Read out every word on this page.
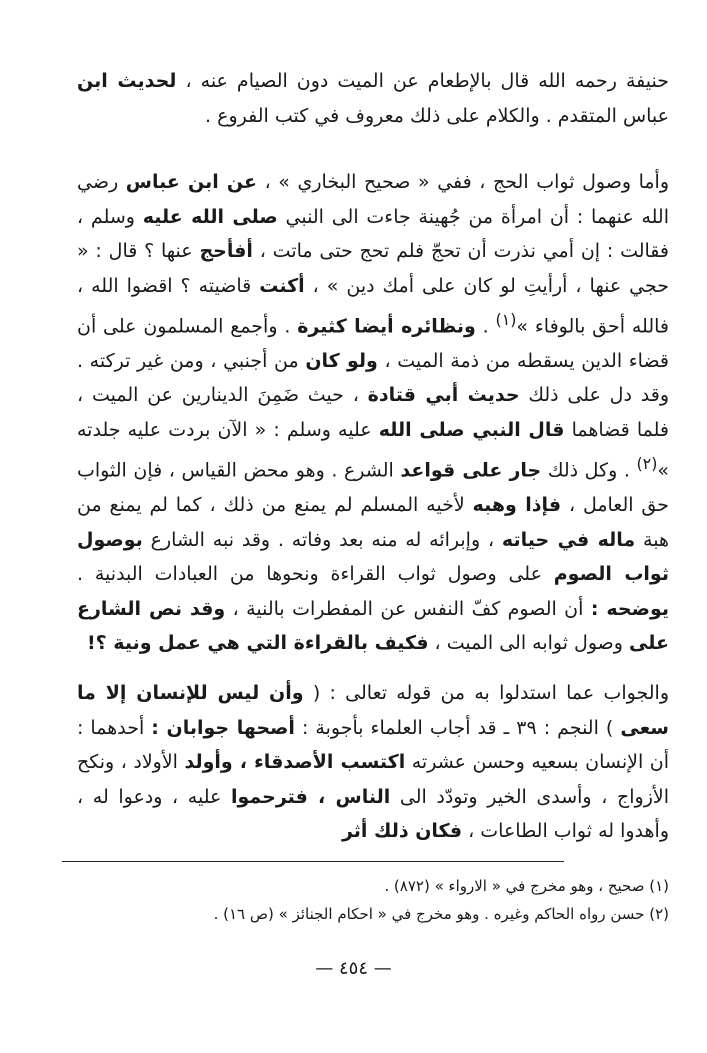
حنيفة رحمه الله قال بالإطعام عن الميت دون الصيام عنه ، لحديث ابن عباس المتقدم . والكلام على ذلك معروف في كتب الفروع .

وأما وصول ثواب الحج ، ففي « صحيح البخاري » ، عن ابن عباس رضي الله عنهما : أن امرأة من جُهينة جاءت الى النبي صلى الله عليه وسلم ، فقالت : إن أمي نذرت أن تحجّ فلم تحج حتى ماتت ، أفأحج عنها ؟ قال : « حجي عنها ، أرأيتِ لو كان على أمك دين » ، أكنت قاضيته ؟ اقضوا الله ، فالله أحق بالوفاء »$^{(١)}$ . ونظائره أيضا كثيرة . وأجمع المسلمون على أن قضاء الدين يسقطه من ذمة الميت ، ولو كان من أجنبي ، ومن غير تركته . وقد دل على ذلك حديث أبي قتادة ، حيث ضَمِنَ الدينارين عن الميت ، فلما قضاهما قال النبي صلى الله عليه وسلم : « الآن بردت عليه جلدته »$^{(٢)}$ . وكل ذلك جار على قواعد الشرع . وهو محض القياس ، فإن الثواب حق العامل ، فإذا وهبه لأخيه المسلم لم يمنع من ذلك ، كما لم يمنع من هبة ماله في حياته ، وإبرائه له منه بعد وفاته . وقد نبه الشارع بوصول ثواب الصوم على وصول ثواب القراءة ونحوها من العبادات البدنية . يوضحه : أن الصوم كفّ النفس عن المفطرات بالنية ، وقد نص الشارع على وصول ثوابه الى الميت ، فكيف بالقراءة التي هي عمل ونية ؟!

والجواب عما استدلوا به من قوله تعالى : ( وأن ليس للإنسان إلا ما سعى ) النجم : ٣٩ ـ قد أجاب العلماء بأجوبة : أصحها جوابان : أحدهما : أن الإنسان بسعيه وحسن عشرته اكتسب الأصدقاء ، وأولد الأولاد ، ونكح الأزواج ، وأسدى الخير وتودّد الى الناس ، فترحموا عليه ، ودعوا له ، وأهدوا له ثواب الطاعات ، فكان ذلك أثر

(١) صحيح ، وهو مخرج في « الارواء » (٨٧٢) .

(٢) حسن رواه الحاكم وغيره . وهو مخرج في « احكام الجنائز » (ص ١٦) .

— ٤٥٤ —
